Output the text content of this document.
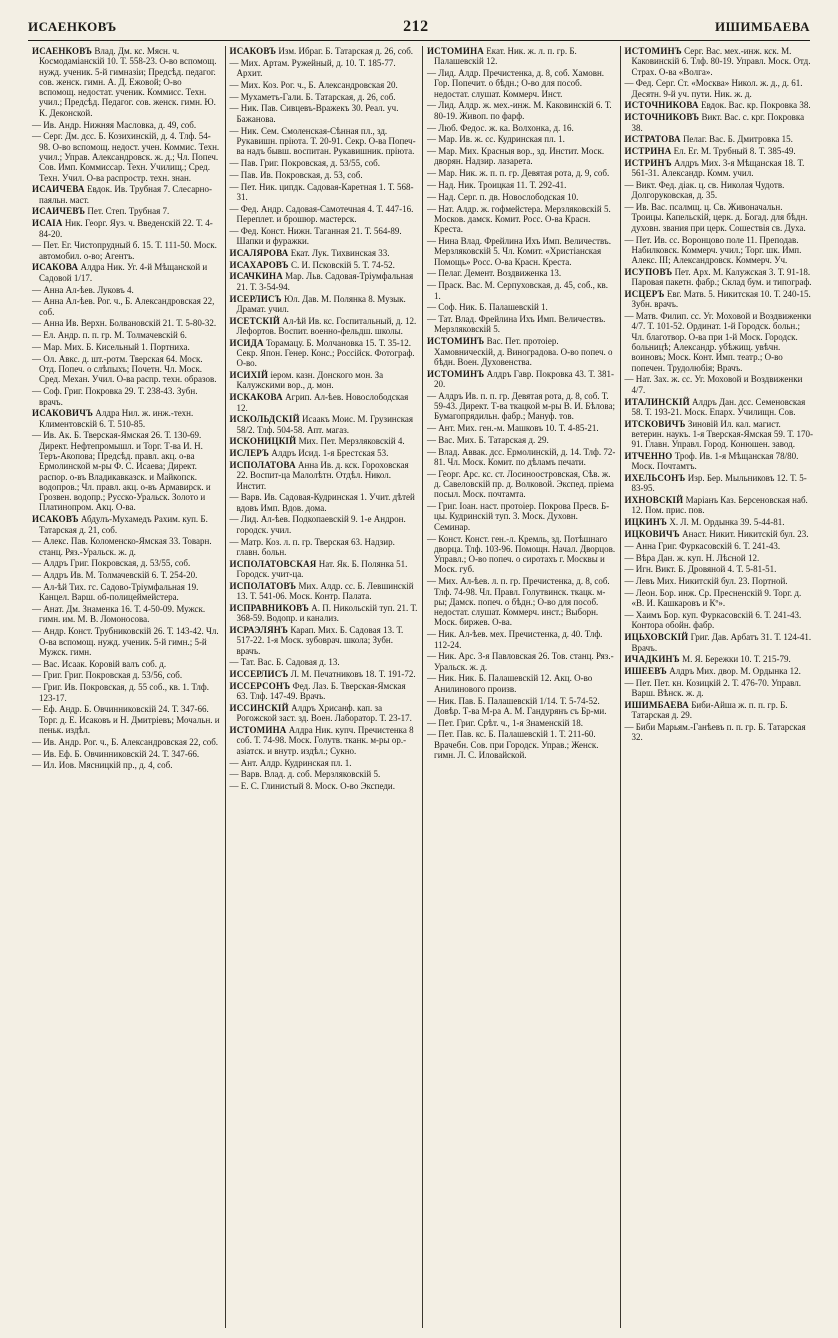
ИСАЕНКОВЪ	212	ИШИМБАЕВА

ИСАЕНКОВЪ Влад. Дм. кс. Мясн. ч. Космодаміанскій 10. Т. 558-23. О-во вспомощ. нужд. ученик. 5-й гимназіи; Предсѣд. педагог. сов. женск. гимн. А. Д. Ежовой; О-во вспомощ. недостат. ученик. Коммисс. Техн. учил.; Предсѣд. Педагог. сов. женск. гимн. Ю. К. Деконской.

— Ив. Андр. Нижняя Масловка, д. 49, соб.

— Серг. Дм. дсс. Б. Козихинскій, д. 4. Тлф. 54-98. О-во вспомощ. недост. учен. Коммис. Техн. учил.; Управ. Александровск. ж. д.; Чл. Попеч. Сов. Имп. Коммиссар. Техн. Училищ.; Сред. Техн. Учил. О-ва распростр. техн. знан.

ИСАИЧЕВА Евдок. Ив. Трубная 7. Слесарно-паяльн. маст.

ИСАИЧЕВЪ Пет. Степ. Трубная 7.

ИСАІА Ник. Георг. Яуз. ч. Введенскій 22. Т. 4-84-20.

— Пет. Ег. Чистопрудный б. 15. Т. 111-50. Моск. автомобил. о-во; Агентъ.

ИСАКОВА Алдра Ник. Уг. 4-й Мѣщанской и Садовой 1/17.

— Анна Ал-ѣев. Луковъ 4.

— Анна Ал-ѣев. Рог. ч., Б. Александровская 22, соб.

— Анна Ив. Верхн. Болвановскій 21. Т. 5-80-32.

— Ел. Андр. п. п. гр. М. Толмачевскій 6.

— Мар. Мих. Б. Кисельный 1. Портниха.

— Ол. Авкс. д. шт.-ротм. Тверская 64. Моск. Отд. Попеч. о слѣпыхъ; Почетн. Чл. Моск. Сред. Механ. Учил. О-ва распр. техн. образов.

— Соф. Григ. Покровка 29. Т. 238-43. Зубн. врачъ.

ИСАКОВИЧЪ Алдра Нил. ж. инж.-техн. Климентовскій 6. Т. 510-85.

— Ив. Ак. Б. Тверская-Ямская 26. Т. 130-69. Директ. Нефтепромышл. и Торг. Т-ва И. Н. Теръ-Акопова; Предсѣд. правл. акц. о-ва Ермолинской м-ры Ф. С. Исаева; Директ. распор. о-въ Владикавказск. и Майкопск. водопров.; Чл. правл. акц. о-въ Армавирск. и Грозвен. водопр.; Русско-Уральск. Золото и Платинопром. Акц. О-ва.

ИСАКОВЪ Абдулъ-Мухамедъ Рахим. куп. Б. Татарская д. 21, соб.

— Алекс. Пав. Коломенско-Ямская 33. Товарн. станц. Ряз.-Уральск. ж. д.

— Алдръ Григ. Покровская, д. 53/55, соб.

— Алдръ Ив. М. Толмачевскій 6. Т. 254-20.

— Ал-ѣй Тих. гс. Садово-Тріумфальная 19. Канцел. Варш. об-полицеймейстера.

— Анат. Дм. Знаменка 16. Т. 4-50-09. Мужск. гимн. им. М. В. Ломоносова.

— Андр. Конст. Трубниковскій 26. Т. 143-42. Чл. О-ва вспомощ. нужд. ученик. 5-й гимн.; 5-й Мужск. гимн.

— Вас. Исаак. Коровій валъ соб. д.

— Григ. Григ. Покровская д. 53/56, соб.

— Григ. Ив. Покровская, д. 55 соб., кв. 1. Тлф. 123-17.

— Еф. Андр. Б. Овчинниковскій 24. Т. 347-66. Торг. д. Е. Исаковъ и Н. Дмитріевъ; Мочальн. и пеньк. издѣл.

— Ив. Андр. Рог. ч., Б. Александровская 22, соб.

— Ив. Еф. Б. Овчинниковскій 24. Т. 347-66.

— Ил. Иов. Мясницкій пр., д. 4, соб.

ИСАКОВЪ Изм. Ибраг. Б. Татарская д. 26, соб.

— Мих. Артам. Ружейный, д. 10. Т. 185-77. Архит.

— Мих. Коз. Рог. ч., Б. Александровская 20.

— Мухаметъ-Гали. Б. Татарская, д. 26, соб.

— Ник. Пав. Сивцевъ-Вражекъ 30. Реал. уч. Бажанова.

— Ник. Сем. Смоленская-Сѣнная пл., зд. Рукавишн. пріюта. Т. 20-91. Секр. О-ва Попеч-ва надъ бывш. воспитан. Рукавишник. пріюта.

— Пав. Григ. Покровская, д. 53/55, соб.

— Пав. Ив. Покровская, д. 53, соб.

— Пет. Ник. ципдк. Садовая-Каретная 1. Т. 568-31.

— Фед. Андр. Садовая-Самотечная 4. Т. 447-16. Переплет. и брошюр. мастерск.

— Фед. Конст. Нижн. Таганная 21. Т. 564-89. Шапки и фуражки.

ИСАЛЯРОВА Екат. Лук. Тихвинская 33.

ИСАХАРОВЪ С. И. Псковскій 5. Т. 74-52.

ИСАЧКИНА Мар. Льв. Садовая-Тріумфальная 21. Т. 3-54-94.

ИСЕРЛИСЪ Юл. Дав. М. Полянка 8. Музык. Драмат. учил.

ИСЕТСКІЙ Ал-ѣй Ив. кс. Госпитальный, д. 12. Лефортов. Воспит. военно-фельдш. школы.

ИСИДА Торамацу. Б. Молчановка 15. Т. 35-12. Секр. Япон. Генер. Конс.; Россійск. Фотограф. О-во.

ИСИХІЙ іером. казн. Донского мон. За Калужскими вор., д. мон.

ИСКАКОВА Агрип. Ал-ѣев. Новослободская 12.

ИСКОЛЬДСКІЙ Исаакъ Моис. М. Грузинская 58/2. Тлф. 504-58. Апт. магаз.

ИСКОНИЦКІЙ Мих. Пет. Мерзляковскій 4.

ИСЛЕРЪ Алдръ Исид. 1-я Брестская 53.

ИСПОЛАТОВА Анна Ив. д. кск. Гороховская 22. Воспит-ца Малолѣтн. Отдѣл. Никол. Инстит.

— Варв. Ив. Садовая-Кудринская 1. Учит. дѣтей вдовъ Имп. Вдов. дома.

— Лид. Ал-ѣев. Подкопаевскій 9. 1-е Андрон. городск. учил.

— Матр. Коз. л. п. гр. Тверская 63. Надзир. главн. больн.

ИСПОЛАТОВСКАЯ Нат. Як. Б. Полянка 51. Городск. учит-ца.

ИСПОЛАТОВЪ Мих. Алдр. сс. Б. Левшинскій 13. Т. 541-06. Моск. Контр. Палата.

ИСПРАВНИКОВЪ А. П. Никольскій туп. 21. Т. 368-59. Водопр. и канализ.

ИСРАЭЛЯНЪ Карап. Мих. Б. Садовая 13. Т. 517-22. 1-я Моск. зубоврач. школа; Зубн. врачъ.

— Тат. Вас. Б. Садовая д. 13.

ИССЕРЛИСЪ Л. М. Печатниковъ 18. Т. 191-72.

ИССЕРСОНЪ Фед. Лаз. Б. Тверская-Ямская 63. Тлф. 147-49. Врачъ.

ИССИНСКІЙ Алдръ Хрисанф. кап. за Рогожской заст. зд. Воен. Лаборатор. Т. 23-17.

ИСТОМИНА Алдра Ник. купч. Пречистенка 8 соб. Т. 74-98. Моск. Голутв. тканк. м-ры ор.-азіатск. и внутр. издѣл.; Сукно.

— Ант. Алдр. Кудринская пл. 1.

— Варв. Влад. д. соб. Мерзляковскій 5.

— Е. С. Глинистый 8. Моск. О-во Экспеди.

ИСТОМИНА Екат. Ник. ж. л. п. гр. Б. Палашевскій 12.

— Лид. Алдр. Пречистенка, д. 8, соб. Хамовн. Гор. Попечит. о бѣдн.; О-во для пособ. недостат. слушат. Коммерч. Инст.

— Лид. Алдр. ж. мех.-инж. М. Каковинскій 6. Т. 80-19. Живоп. по фарф.

— Люб. Федос. ж. ка. Волхонка, д. 16.

— Мар. Ив. ж. сс. Кудринская пл. 1.

— Мар. Мих. Красныя вор., зд. Инстит. Моск. дворян. Надзир. лазарета.

— Мар. Ник. ж. п. п. гр. Девятая рота, д. 9, соб.

— Над. Ник. Троицкая 11. Т. 292-41.

— Над. Серг. п. дв. Новослободская 10.

— Нат. Алдр. ж. гофмейстера. Мерзляковскій 5. Москов. дамск. Комит. Росс. О-ва Красн. Креста.

— Нина Влад. Фрейлина Ихъ Имп. Величествъ. Мерзляковскій 5. Чл. Комит. «Христіанская Помощь» Росс. О-ва Красн. Креста.

— Пелаг. Демент. Воздвиженка 13.

— Праск. Вас. М. Серпуховская, д. 45, соб., кв. 1.

— Соф. Ник. Б. Палашевскій 1.

— Тат. Влад. Фрейлина Ихъ Имп. Величествъ. Мерзляковскій 5.

ИСТОМИНЪ Вас. Пет. протоіер. Хамовническій, д. Виноградова. О-во попеч. о бѣдн. Воен. Духовенства.

ИСТОМИНЪ Алдръ Гавр. Покровка 43. Т. 381-20.

— Алдръ Ив. п. п. гр. Девятая рота, д. 8, соб. Т. 59-43. Директ. Т-ва ткацкой м-ры В. И. Бѣлова; Бумагопрядильн. фабр.; Мануф. тов.

— Ант. Мих. ген.-м. Машковъ 10. Т. 4-85-21.

— Вас. Мих. Б. Татарская д. 29.

— Влад. Аввак. дсс. Ермолинскій, д. 14. Тлф. 72-81. Чл. Моск. Комит. по дѣламъ печати.

— Георг. Арс. кс. ст. Лосиноостровская, Сѣв. ж. д. Савеловскій пр. д. Волковой. Экспед. пріема посыл. Моск. почтамта.

— Григ. Іоан. наст. протоіер. Покрова Пресв. Б-цы. Кудринскій туп. 3. Моск. Духовн. Семинар.

— Конст. Конст. ген.-л. Кремль, зд. Потѣшнаго дворца. Тлф. 103-96. Помощн. Начал. Дворцов. Управл.; О-во попеч. о сиротахъ г. Москвы и Моск. губ.

— Мих. Ал-ѣев. л. п. гр. Пречистенка, д. 8, соб. Тлф. 74-98. Чл. Правл. Голутвинск. ткацк. м-ры; Дамск. попеч. о бѣдн.; О-во для пособ. недостат. слушат. Коммерч. инст.; Выборн. Моск. биржев. О-ва.

— Ник. Ал-ѣев. мех. Пречистенка, д. 40. Тлф. 112-24.

— Ник. Арс. 3-я Павловская 26. Тов. станц. Ряз.-Уральск. ж. д.

— Ник. Ник. Б. Палашевскій 12. Акц. О-во Анилинового произв.

— Ник. Пав. Б. Палашевскій 1/14. Т. 5-74-52. Довѣр. Т-ва М-ра А. М. Гандурянъ съ Бр-ми.

— Пет. Григ. Срѣт. ч., 1-я Знаменскій 18.

— Пет. Пав. кс. Б. Палашевскій 1. Т. 211-60. Врачебн. Сов. при Городск. Управ.; Женск. гимн. Л. С. Иловайской.

ИСТОМИНЪ Серг. Вас. мех.-инж. кск. М. Каковинскій 6. Тлф. 80-19. Управл. Моск. Отд. Страх. О-ва «Волга».

— Фед. Серг. Ст. «Москва» Никол. ж. д., д. 61. Десятн. 9-й уч. пути. Ник. ж. д.

ИСТОЧНИКОВА Евдок. Вас. кр. Покровка 38.

ИСТОЧНИКОВЪ Викт. Вас. с. крг. Покровка 38.

ИСТРАТОВА Пелаг. Вас. Б. Дмитровка 15.

ИСТРИНА Ел. Ег. М. Трубный 8. Т. 385-49.

ИСТРИНЪ Алдръ Мих. 3-я Мѣщанская 18. Т. 561-31. Александр. Комм. учил.

— Викт. Фед. діак. ц. св. Николая Чудотв. Долгоруковская, д. 35.

— Ив. Вас. псалмщ. ц. Св. Живоначальн. Троицы. Капельскій, церк. д. Богад. для бѣдн. духовн. звания при церк. Сошествія св. Духа.

— Пет. Ив. сс. Воронцово поле 11. Преподав. Набилковск. Коммерч. учил.; Торг. шк. Имп. Алекс. III; Александровск. Коммерч. Уч.

ИСУПОВЪ Пет. Арх. М. Калужская 3. Т. 91-18. Паровая пакетн. фабр.; Склад бум. и типограф.

ИСЦЕРЪ Евг. Матв. 5. Никитская 10. Т. 240-15. Зубн. врачъ.

— Матв. Филип. сс. Уг. Моховой и Воздвиженки 4/7. Т. 101-52. Ординат. 1-й Городск. больн.; Чл. благотвор. О-ва при 1-й Моск. Городск. больницѣ; Александр. убѣжищ. увѣчн. воиновъ; Моск. Конт. Имп. театр.; О-во попечен. Трудолюбія; Врачъ.

— Нат. Зах. ж. сс. Уг. Моховой и Воздвиженки 4/7.

ИТАЛИНСКІЙ Алдръ Дан. дсс. Семеновская 58. Т. 193-21. Моск. Епарх. Училищн. Сов.

ИТСКОВИЧЪ Зиновій Ил. кал. магист. ветерин. наукъ. 1-я Тверская-Ямская 59. Т. 170-91. Главн. Управл. Город. Конюшен. завод.

ИТЧЕННО Троф. Ив. 1-я Мѣщанская 78/80. Моск. Почтамтъ.

ИХЕЛЬСОНЪ Изр. Бер. Мыльниковъ 12. Т. 5-83-95.

ИХНОВСКІЙ Маріанъ Каз. Берсеновская наб. 12. Пом. прис. пов.

ИЦКИНЪ Х. Л. М. Ордынка 39. 5-44-81.

ИЦКОВИЧЪ Анаст. Никит. Никитскій бул. 23.

— Анна Григ. Фуркасовскій 6. Т. 241-43.

— Вѣра Дан. ж. куп. Н. Лѣсной 12.

— Игн. Викт. Б. Дровяной 4. Т. 5-81-51.

— Левъ Мих. Никитскій бул. 23. Портной.

— Леон. Бор. инж. Ср. Пресненскій 9. Торг. д. «В. И. Кашкаровъ и Кº».

— Хаимъ Бор. куп. Фуркасовскій 6. Т. 241-43. Контора обойн. фабр.

ИЦЬХОВСКІЙ Григ. Дав. Арбатъ 31. Т. 124-41. Врачъ.

ИЧАДКИНЪ М. Я. Бережки 10. Т. 215-79.

ИШЕЕВЪ Алдръ Мих. двор. М. Ордынка 12.

— Пет. Пет. кн. Козицкій 2. Т. 476-70. Управл. Варш. Вѣнск. ж. д.

ИШИМБАЕВА Биби-Айша ж. п. п. гр. Б. Татарская д. 29.

— Биби Марьям.-Ганѣевъ п. п. гр. Б. Татарская 32.
